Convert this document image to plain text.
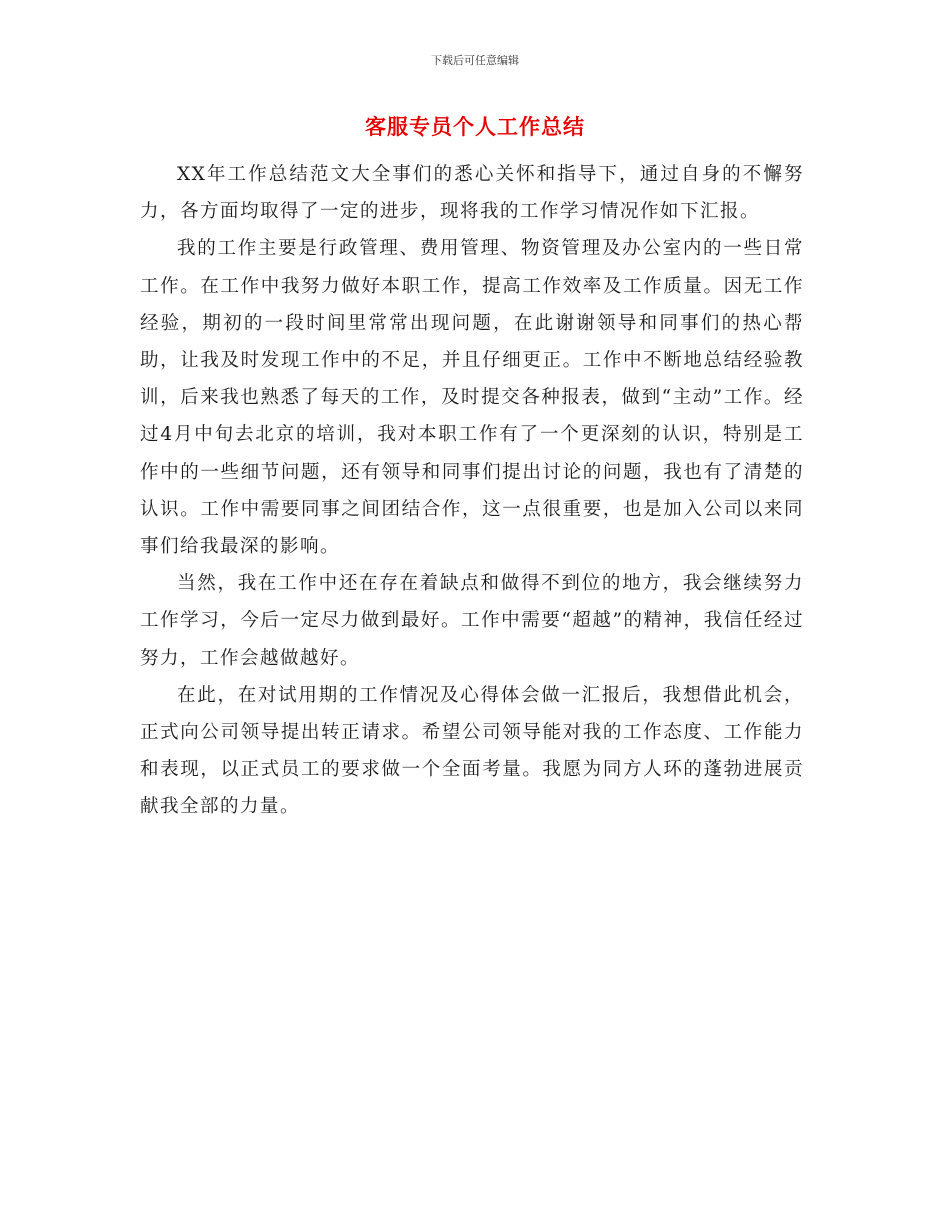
下载后可任意编辑
客服专员个人工作总结

XX年工作总结范文大全事们的悉心关怀和指导下，通过自身的不懈努力，各方面均取得了一定的进步，现将我的工作学习情况作如下汇报。

我的工作主要是行政管理、费用管理、物资管理及办公室内的一些日常工作。在工作中我努力做好本职工作，提高工作效率及工作质量。因无工作经验，期初的一段时间里常常出现问题，在此谢谢领导和同事们的热心帮助，让我及时发现工作中的不足，并且仔细更正。工作中不断地总结经验教训，后来我也熟悉了每天的工作，及时提交各种报表，做到“主动”工作。经过4月中旬去北京的培训，我对本职工作有了一个更深刻的认识，特别是工作中的一些细节问题，还有领导和同事们提出讨论的问题，我也有了清楚的认识。工作中需要同事之间团结合作，这一点很重要，也是加入公司以来同事们给我最深的影响。

当然，我在工作中还在存在着缺点和做得不到位的地方，我会继续努力工作学习，今后一定尽力做到最好。工作中需要“超越”的精神，我信任经过努力，工作会越做越好。

在此，在对试用期的工作情况及心得体会做一汇报后，我想借此机会，正式向公司领导提出转正请求。希望公司领导能对我的工作态度、工作能力和表现，以正式员工的要求做一个全面考量。我愿为同方人环的蓬勃进展贡献我全部的力量。
